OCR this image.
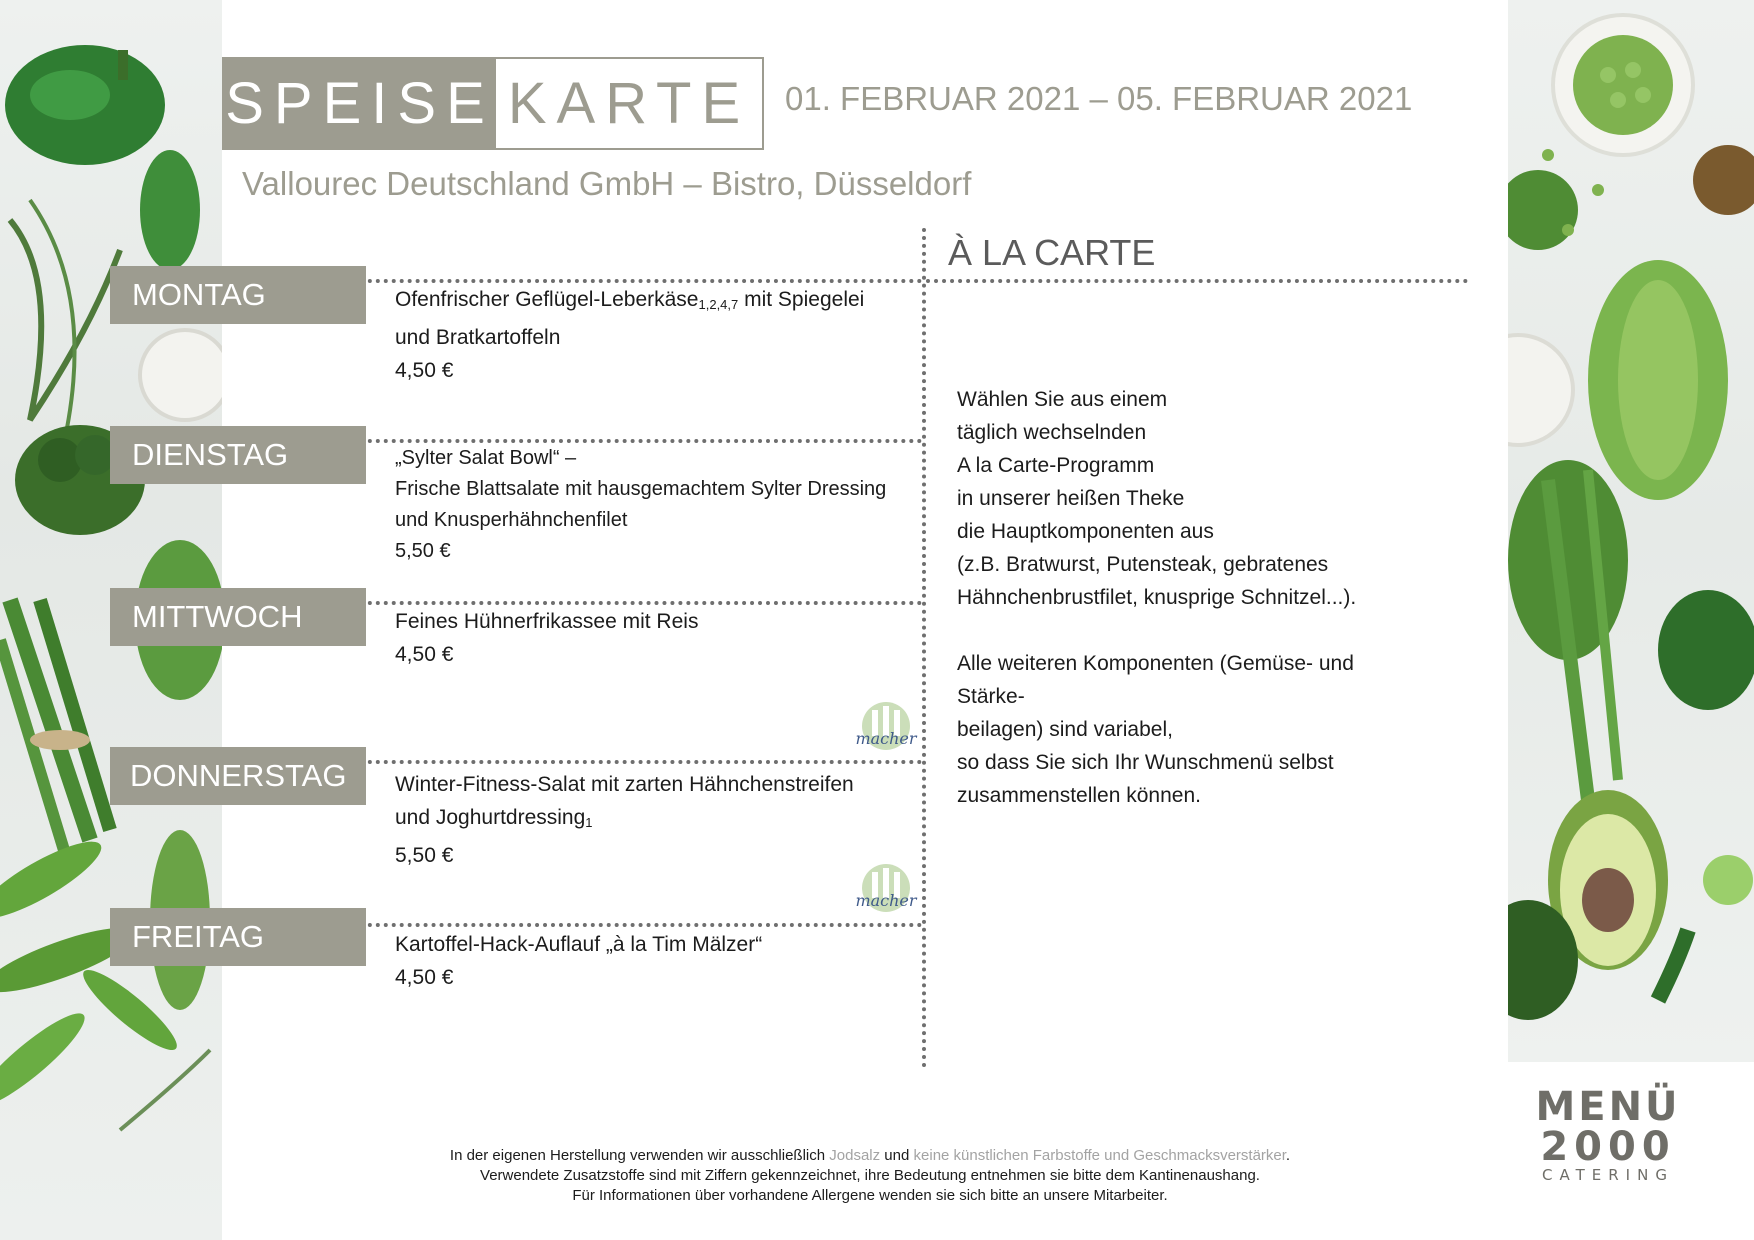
SPEISE KARTE	01. FEBRUAR 2021 – 05. FEBRUAR 2021
Vallourec Deutschland GmbH – Bistro, Düsseldorf
À LA CARTE
MONTAG	Ofenfrischer Geflügel-Leberkäse$_{1,2,4,7}$ mit Spiegelei
und Bratkartoffeln
4,50 €
DIENSTAG	„Sylter Salat Bowl“ –
Frische Blattsalate mit hausgemachtem Sylter Dressing
und Knusperhähnchenfilet
5,50 €
MITTWOCH	Feines Hühnerfrikassee mit Reis
4,50 €
DONNERSTAG	Winter-Fitness-Salat mit zarten Hähnchenstreifen
und Joghurtdressing$_1$
5,50 €
FREITAG	Kartoffel-Hack-Auflauf „à la Tim Mälzer“
4,50 €
macher
macher
Wählen Sie aus einem
täglich wechselnden
A la Carte-Programm
in unserer heißen Theke
die Hauptkomponenten aus
(z.B. Bratwurst, Putensteak, gebratenes
Hähnchenbrustfilet, knusprige Schnitzel...).
Alle weiteren Komponenten (Gemüse- und Stärke-
beilagen) sind variabel,
so dass Sie sich Ihr Wunschmenü selbst
zusammenstellen können.
In der eigenen Herstellung verwenden wir ausschließlich Jodsalz und keine künstlichen Farbstoffe und Geschmacksverstärker.
Verwendete Zusatzstoffe sind mit Ziffern gekennzeichnet, ihre Bedeutung entnehmen sie bitte dem Kantinenaushang.
Für Informationen über vorhandene Allergene wenden sie sich bitte an unsere Mitarbeiter.
MENÜ
2000
CATERING
